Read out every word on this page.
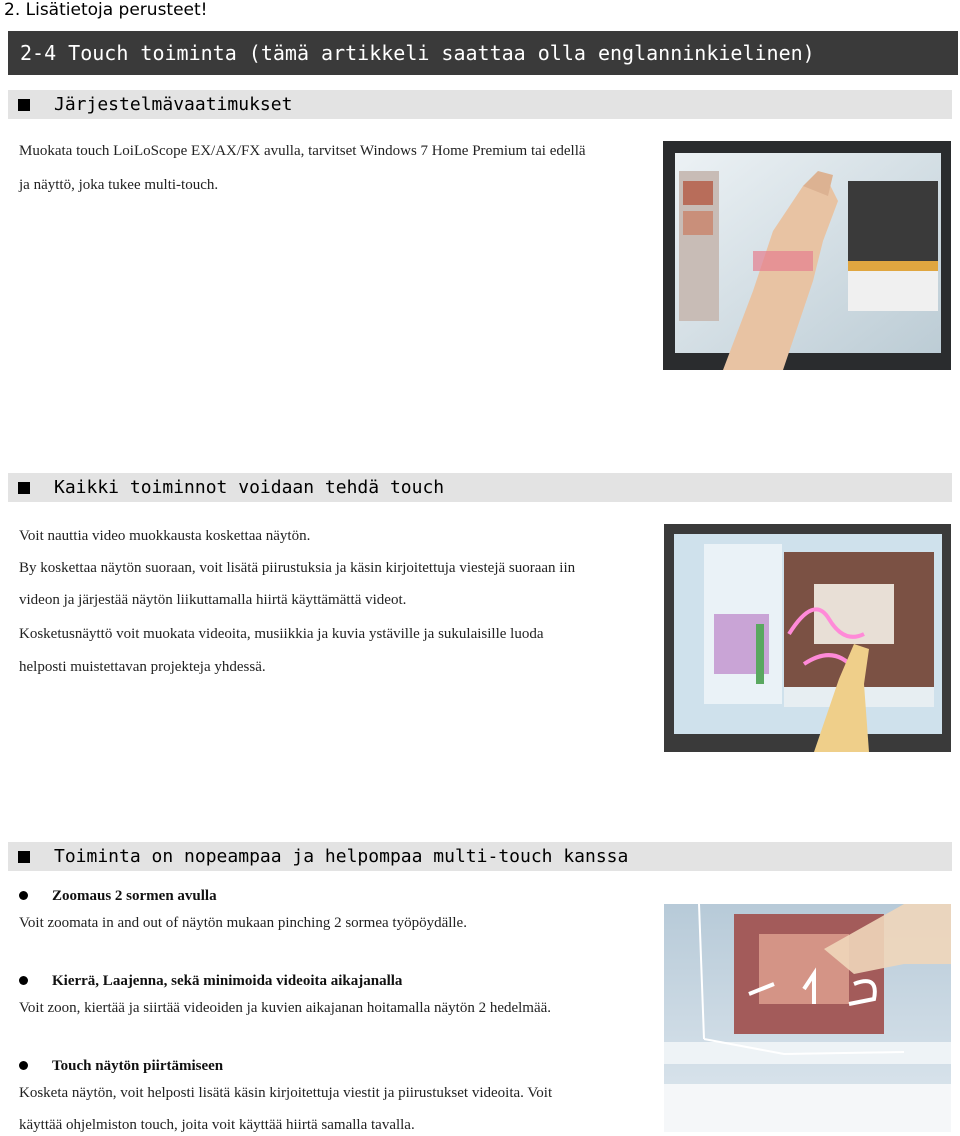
2. Lisätietoja perusteet!
2-4 Touch toiminta (tämä artikkeli saattaa olla englanninkielinen)
Järjestelmävaatimukset
Muokata touch LoiLoScope EX/AX/FX avulla, tarvitset Windows 7 Home Premium tai edellä
ja näyttö, joka tukee multi-touch.
Kaikki toiminnot voidaan tehdä touch
Voit nauttia video muokkausta koskettaa näytön.
By koskettaa näytön suoraan, voit lisätä piirustuksia ja käsin kirjoitettuja viestejä suoraan iin
videon ja järjestää näytön liikuttamalla hiirtä käyttämättä videot.
Kosketusnäyttö voit muokata videoita, musiikkia ja kuvia ystäville ja sukulaisille luoda
helposti muistettavan projekteja yhdessä.
Toiminta on nopeampaa ja helpompaa multi-touch kanssa
Zoomaus 2 sormen avulla
Voit zoomata in and out of näytön mukaan pinching 2 sormea työpöydälle.
Kierrä, Laajenna, sekä minimoida videoita aikajanalla
Voit zoon, kiertää ja siirtää videoiden ja kuvien aikajanan hoitamalla näytön 2 hedelmää.
Touch näytön piirtämiseen
Kosketa näytön, voit helposti lisätä käsin kirjoitettuja viestit ja piirustukset videoita. Voit
käyttää ohjelmiston touch, joita voit käyttää hiirtä samalla tavalla.
